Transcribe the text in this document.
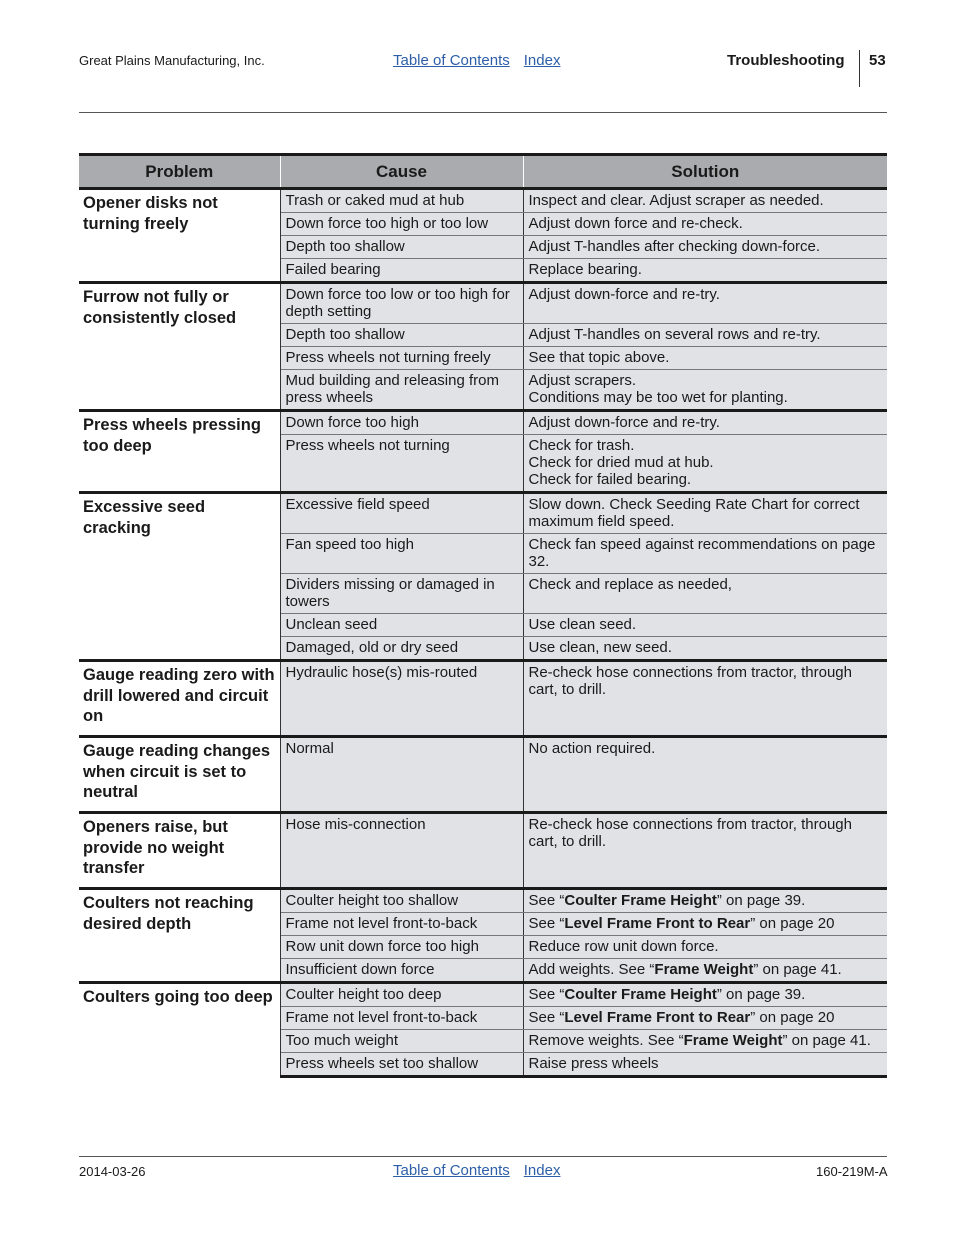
Great Plains Manufacturing, Inc.	Table of Contents Index	Troubleshooting 53
Problem	Cause	Solution
Opener disks not turning freely	Trash or caked mud at hub	Inspect and clear. Adjust scraper as needed.

	Down force too high or too low	Adjust down force and re-check.

	Depth too shallow	Adjust T-handles after checking down-force.

	Failed bearing	Replace bearing.

Furrow not fully or consistently closed	Down force too low or too high for depth setting	Adjust down-force and re-try.

	Depth too shallow	Adjust T-handles on several rows and re-try.

	Press wheels not turning freely	See that topic above.

	Mud building and releasing from press wheels	Adjust scrapers.
Conditions may be too wet for planting.

Press wheels pressing too deep	Down force too high	Adjust down-force and re-try.

	Press wheels not turning	Check for trash.
Check for dried mud at hub.
Check for failed bearing.

Excessive seed cracking	Excessive field speed	Slow down. Check Seeding Rate Chart for correct maximum field speed.

	Fan speed too high	Check fan speed against recommendations on page 32.

	Dividers missing or damaged in towers	Check and replace as needed,

	Unclean seed	Use clean seed.

	Damaged, old or dry seed	Use clean, new seed.

Gauge reading zero with drill lowered and circuit on	Hydraulic hose(s) mis-routed	Re-check hose connections from tractor, through cart, to drill.

Gauge reading changes when circuit is set to neutral	Normal	No action required.

Openers raise, but provide no weight transfer	Hose mis-connection	Re-check hose connections from tractor, through cart, to drill.

Coulters not reaching desired depth	Coulter height too shallow	See “Coulter Frame Height” on page 39.
	Frame not level front-to-back	See “Level Frame Front to Rear” on page 20
	Row unit down force too high	Reduce row unit down force.

	Insufficient down force	Add weights. See “Frame Weight” on page 41.
Coulters going too deep	Coulter height too deep	See “Coulter Frame Height” on page 39.
	Frame not level front-to-back	See “Level Frame Front to Rear” on page 20
	Too much weight	Remove weights. See “Frame Weight” on page 41.
	Press wheels set too shallow	Raise press wheels
2014-03-26	Table of Contents Index	160-219M-A
